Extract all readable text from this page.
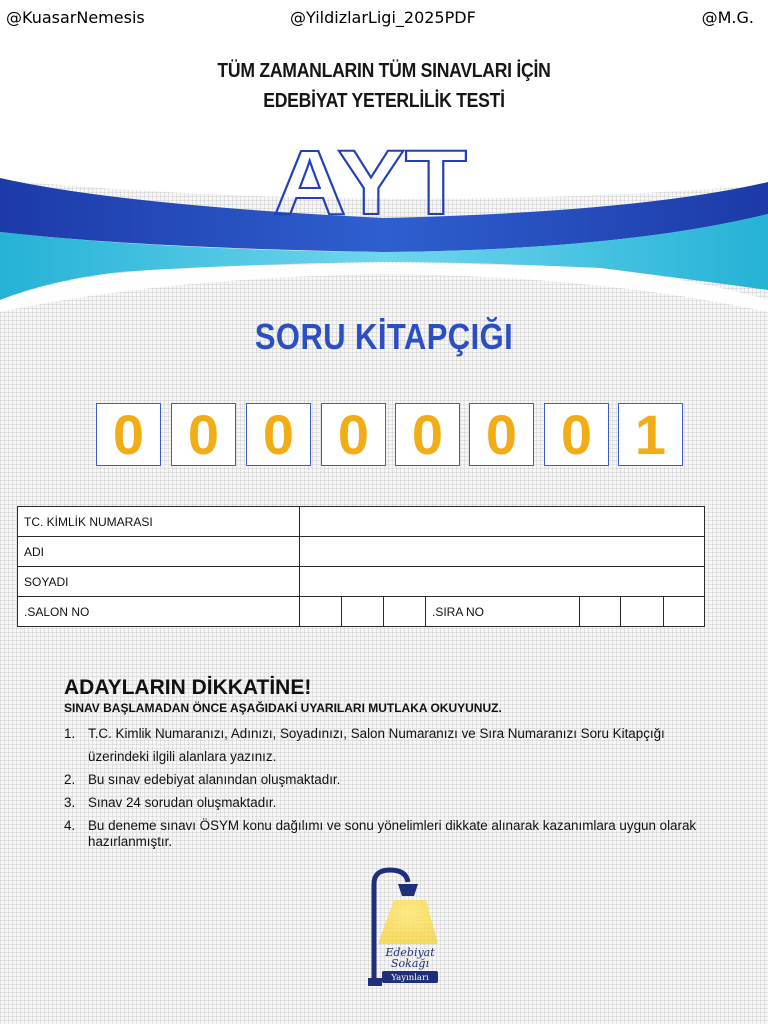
@KuasarNemesis	@YildizlarLigi_2025PDF	@M.G.
TÜM ZAMANLARIN TÜM SINAVLARI İÇİN
EDEBİYAT YETERLİLİK TESTİ
AYT
SORU KİTAPÇIĞI
0 0 0 0 0 0 0 1
TC. KİMLİK NUMARASI							
ADI							
SOYADI							
.SALON NO				.SIRA NO			

ADAYLARIN DİKKATİNE!

SINAV BAŞLAMADAN ÖNCE AŞAĞIDAKİ UYARILARI MUTLAKA OKUYUNUZ.

1. T.C. Kimlik Numaranızı, Adınızı, Soyadınızı, Salon Numaranızı ve Sıra Numaranızı Soru Kitapçığı üzerindeki ilgili alanlara yazınız.
2. Bu sınav edebiyat alanından oluşmaktadır.
3. Sınav 24 sorudan oluşmaktadır.
4. Bu deneme sınavı ÖSYM konu dağılımı ve sonu yönelimleri dikkate alınarak kazanımlara uygun olarak hazırlanmıştır.
Edebiyat
Sokağı
Yayınları
